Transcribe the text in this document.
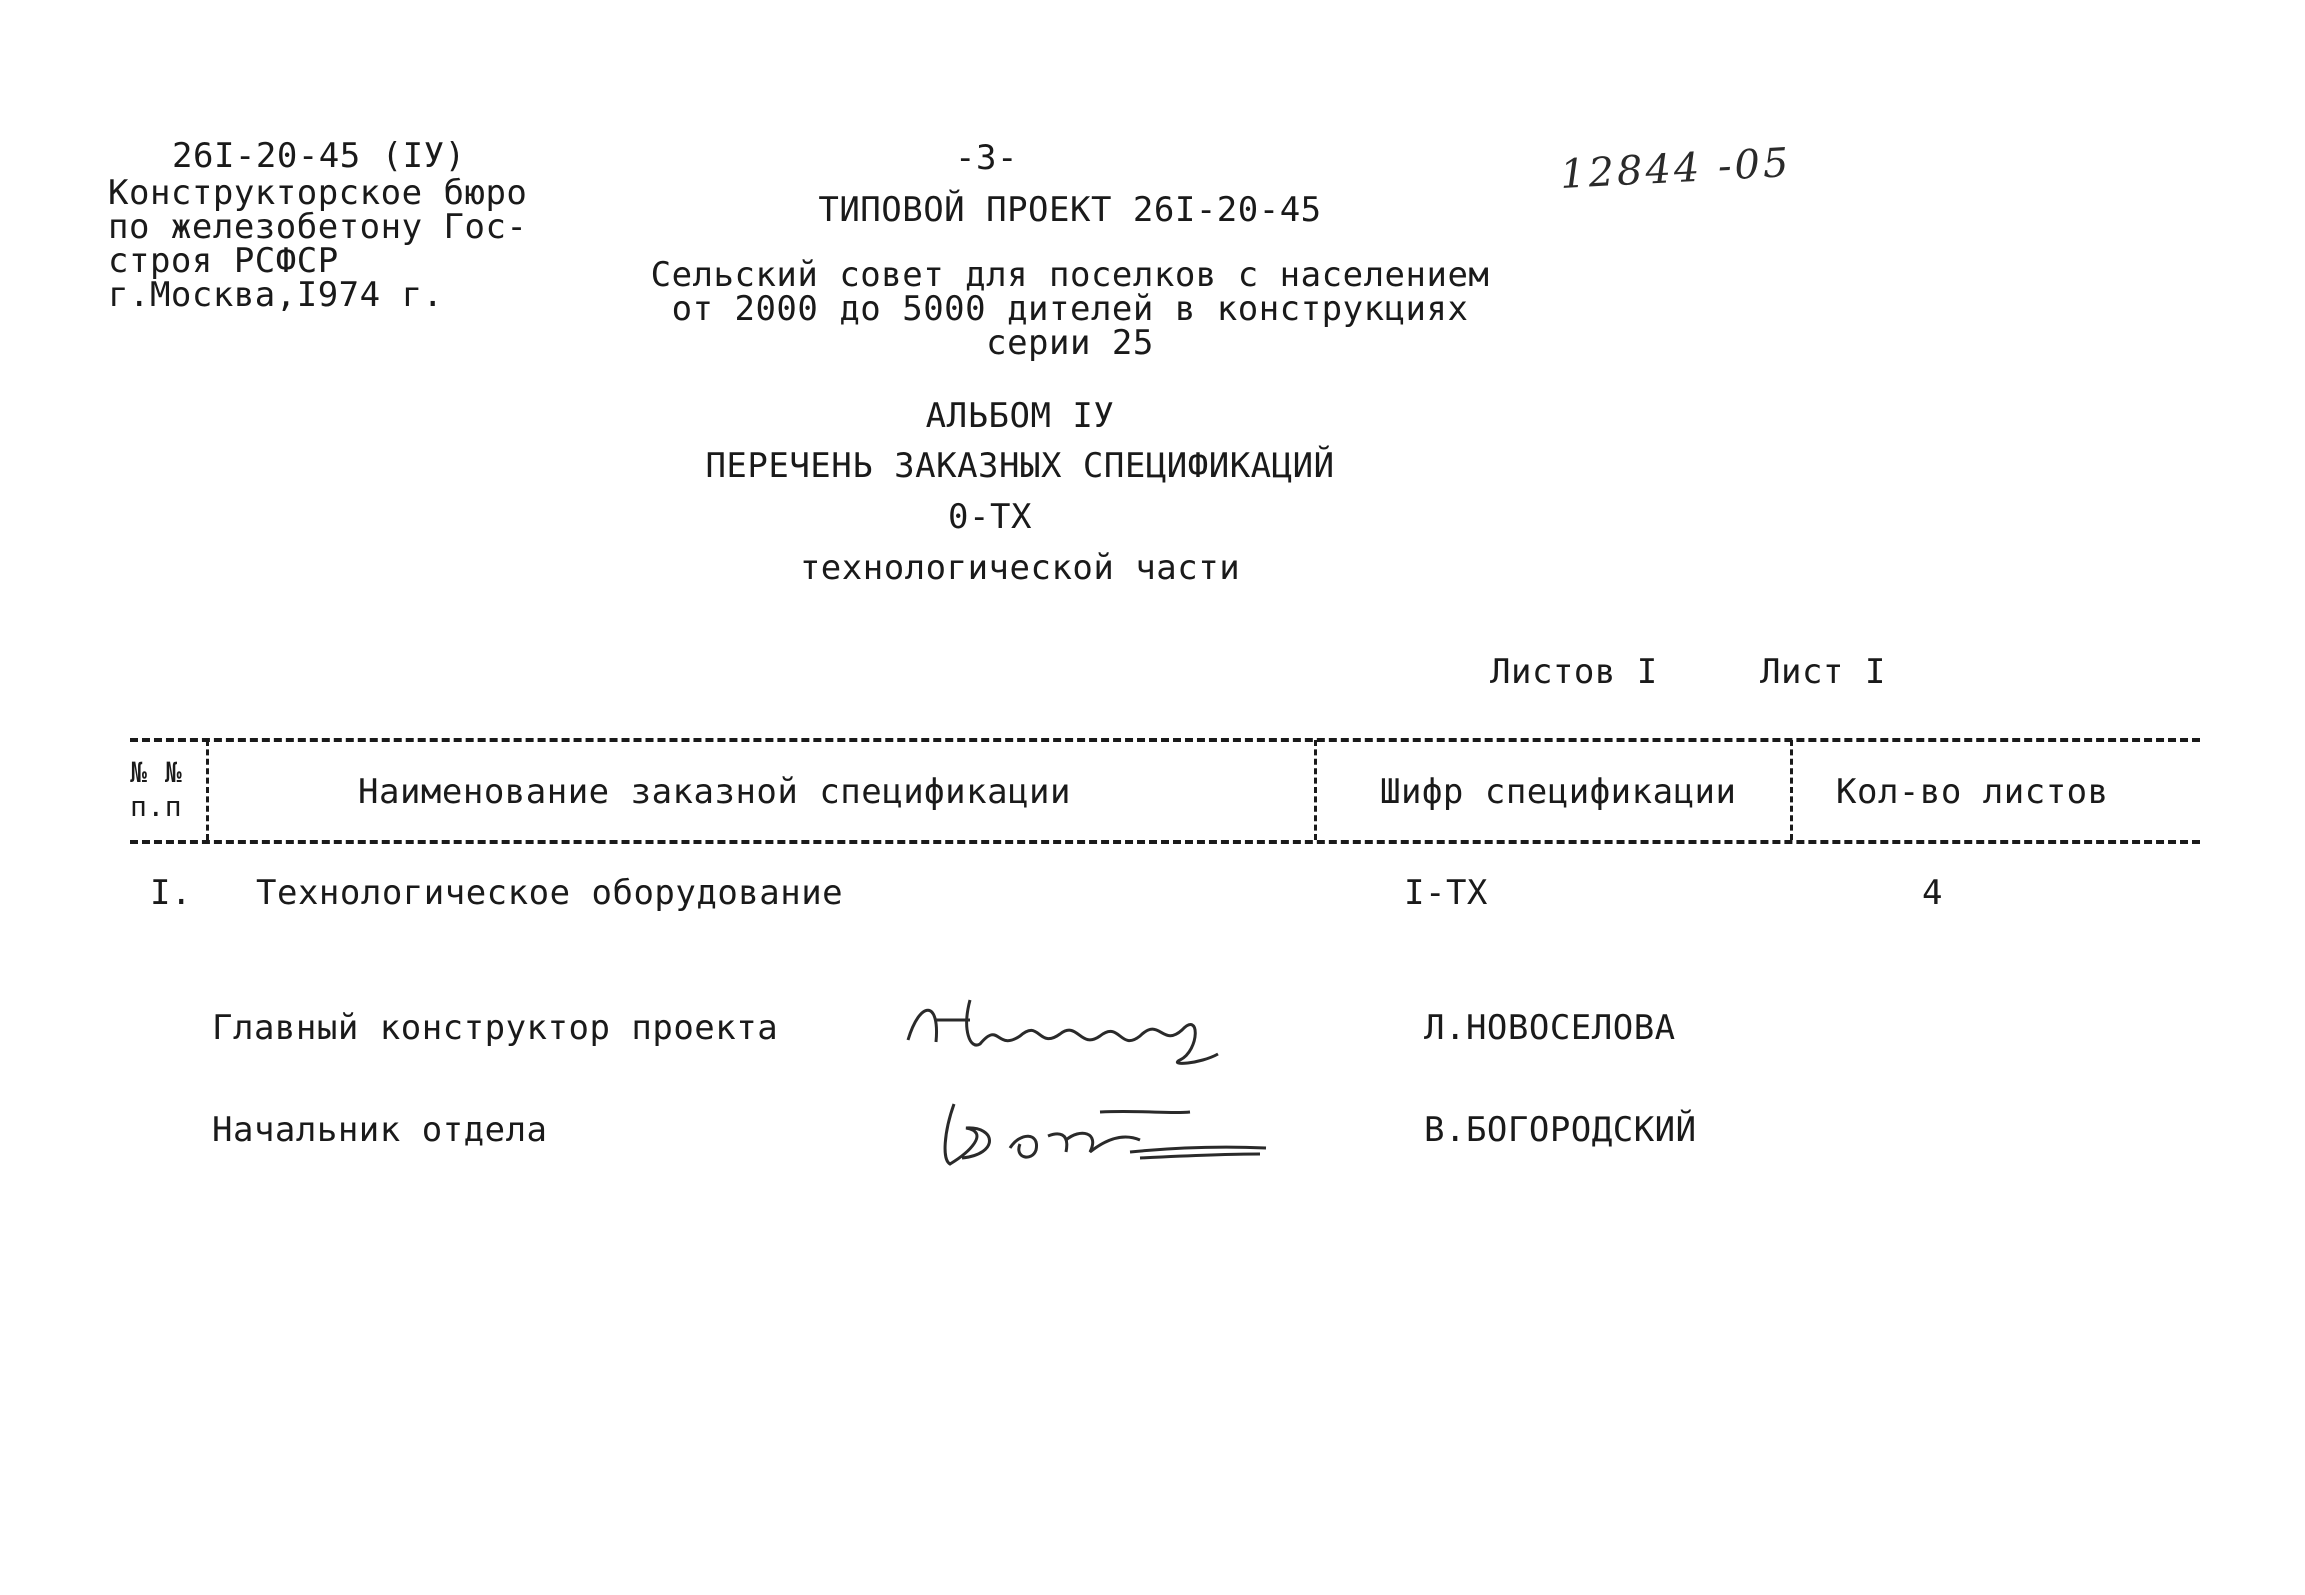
26I-20-45 (IУ)
Конструкторское бюро
по железобетону Гос-
строя РСФСР
г.Москва,I974 г.
-3-	12844 -05
ТИПОВОЙ ПРОЕКТ 26I-20-45
Сельский совет для поселков с населением
от 2000 до 5000 дителей в конструкциях
серии 25
АЛЬБОМ IУ
ПЕРЕЧЕНЬ ЗАКАЗНЫХ СПЕЦИФИКАЦИЙ
0-ТХ
технологической части
Листов I	Лист I
№ №
п.п	Наименование заказной спецификации	Шифр спецификации	Кол-во листов
I. Технологическое оборудование	I-ТХ	4
Главный конструктор проекта	Л.НОВОСЕЛОВА
Начальник отдела	В.БОГОРОДСКИЙ
